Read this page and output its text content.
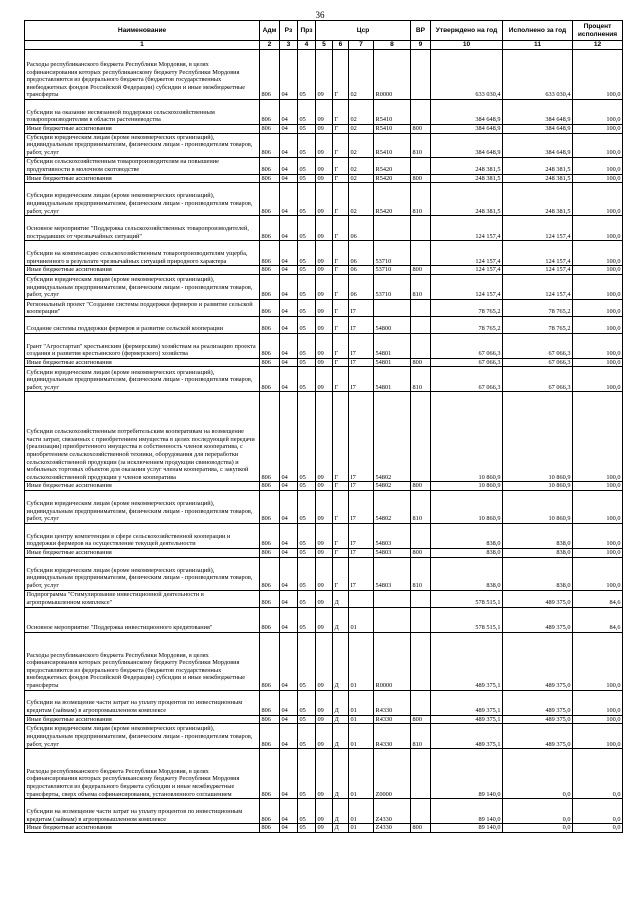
36
Наименование	Адм	Рз	Прз	Цср				ВР	Утверждено на год	Исполнено за год	Процент исполнения
1	2	3	4	5	6	7	8	9	10	11	12
Расходы республиканского бюджета Республики Мордовия, в целях софинансирования которых республиканскому бюджету Республики Мордовия предоставляются из федерального бюджета (бюджетов государственных внебюджетных фондов Российской Федерации) субсидии и иные межбюджетные трансферты	806	04	05	09	Г	02	R0000		633 030,4	633 030,4	100,0
Субсидии на оказание несвязанной поддержки сельскохозяйственным товаропроизводителям в области растениеводства	806	04	05	09	Г	02	R5410		384 648,9	384 648,9	100,0
Иные бюджетные ассигнования	806	04	05	09	Г	02	R5410	800	384 648,9	384 648,9	100,0
Субсидии юридическим лицам (кроме некоммерческих организаций), индивидуальным предпринимателям, физическим лицам - производителям товаров, работ, услуг	806	04	05	09	Г	02	R5410	810	384 648,9	384 648,9	100,0
Субсидии сельскохозяйственным товаропроизводителям на повышение продуктивности в молочном скотоводстве	806	04	05	09	Г	02	R5420		248 381,5	248 381,5	100,0
Иные бюджетные ассигнования	806	04	05	09	Г	02	R5420	800	248 381,5	248 381,5	100,0
Субсидии юридическим лицам (кроме некоммерческих организаций), индивидуальным предпринимателям, физическим лицам - производителям товаров, работ, услуг	806	04	05	09	Г	02	R5420	810	248 381,5	248 381,5	100,0
Основное мероприятие "Поддержка сельскохозяйственных товаропроизводителей, пострадавших от чрезвычайных ситуаций"	806	04	05	09	Г	06			124 157,4	124 157,4	100,0
Субсидии на компенсацию сельскохозяйственным товаропроизводителям ущерба, причиненного в результате чрезвычайных ситуаций природного характера	806	04	05	09	Г	06	53710		124 157,4	124 157,4	100,0
Иные бюджетные ассигнования	806	04	05	09	Г	06	53710	800	124 157,4	124 157,4	100,0
Субсидии юридическим лицам (кроме некоммерческих организаций), индивидуальным предпринимателям, физическим лицам - производителям товаров, работ, услуг	806	04	05	09	Г	06	53710	810	124 157,4	124 157,4	100,0
Региональный проект "Создание системы поддержки фермеров и развитие сельской кооперации"	806	04	05	09	Г	I7			78 765,2	78 765,2	100,0
Создание системы поддержки фермеров и развитие сельской кооперации	806	04	05	09	Г	I7	54800		78 765,2	78 765,2	100,0
Грант "Агростартап" крестьянским (фермерским) хозяйствам на реализацию проекта создания и развития крестьянского (фермерского) хозяйства	806	04	05	09	Г	I7	54801		67 066,3	67 066,3	100,0
Иные бюджетные ассигнования	806	04	05	09	Г	I7	54801	800	67 066,3	67 066,3	100,0
Субсидии юридическим лицам (кроме некоммерческих организаций), индивидуальным предпринимателям, физическим лицам - производителям товаров, работ, услуг	806	04	05	09	Г	I7	54801	810	67 066,3	67 066,3	100,0
Субсидии сельскохозяйственным потребительским кооперативам на возмещение части затрат, связанных с приобретением имущества в целях последующей передачи (реализации) приобретенного имущества в собственность членов кооператива, с приобретением сельскохозяйственной техники, оборудования для переработки сельскохозяйственной продукции (за исключением продукции свиноводства) и мобильных торговых объектов для оказания услуг членам кооператива, с закупкой сельскохозяйственной продукции у членов кооператива	806	04	05	09	Г	I7	54802		10 860,9	10 860,9	100,0
Иные бюджетные ассигнования	806	04	05	09	Г	I7	54802	800	10 860,9	10 860,9	100,0
Субсидии юридическим лицам (кроме некоммерческих организаций), индивидуальным предпринимателям, физическим лицам - производителям товаров, работ, услуг	806	04	05	09	Г	I7	54802	810	10 860,9	10 860,9	100,0
Субсидии центру компетенции в сфере сельскохозяйственной кооперации и поддержки фермеров на осуществление текущей деятельности	806	04	05	09	Г	I7	54803		838,0	838,0	100,0
Иные бюджетные ассигнования	806	04	05	09	Г	I7	54803	800	838,0	838,0	100,0
Субсидии юридическим лицам (кроме некоммерческих организаций), индивидуальным предпринимателям, физическим лицам - производителям товаров, работ, услуг	806	04	05	09	Г	I7	54803	810	838,0	838,0	100,0
Подпрограмма "Стимулирование инвестиционной деятельности в агропромышленном комплексе"	806	04	05	09	Д				578 515,1	489 375,0	84,6
Основное мероприятие "Поддержка инвестиционного кредитования"	806	04	05	09	Д	01			578 515,1	489 375,0	84,6
Расходы республиканского бюджета Республики Мордовия, в целях софинансирования которых республиканскому бюджету Республики Мордовия предоставляются из федерального бюджета (бюджетов государственных внебюджетных фондов Российской Федерации) субсидии и иные межбюджетные трансферты	806	04	05	09	Д	01	R0000		489 375,1	489 375,0	100,0
Субсидии на возмещение части затрат на уплату процентов по инвестиционным кредитам (займам) в агропромышленном комплексе	806	04	05	09	Д	01	R4330		489 375,1	489 375,0	100,0
Иные бюджетные ассигнования	806	04	05	09	Д	01	R4330	800	489 375,1	489 375,0	100,0
Субсидии юридическим лицам (кроме некоммерческих организаций), индивидуальным предпринимателям, физическим лицам - производителям товаров, работ, услуг	806	04	05	09	Д	01	R4330	810	489 375,1	489 375,0	100,0
Расходы республиканского бюджета Республики Мордовия, в целях софинансирования которых республиканскому бюджету Республики Мордовия предоставляются из федерального бюджета субсидии и иные межбюджетные трансферты, сверх объема софинансирования, установленного соглашением	806	04	05	09	Д	01	Z0000		89 140,0	0,0	0,0
Субсидии на возмещение части затрат на уплату процентов по инвестиционным кредитам (займам) в агропромышленном комплексе	806	04	05	09	Д	01	Z4330		89 140,0	0,0	0,0
Иные бюджетные ассигнования	806	04	05	09	Д	01	Z4330	800	89 140,0	0,0	0,0
